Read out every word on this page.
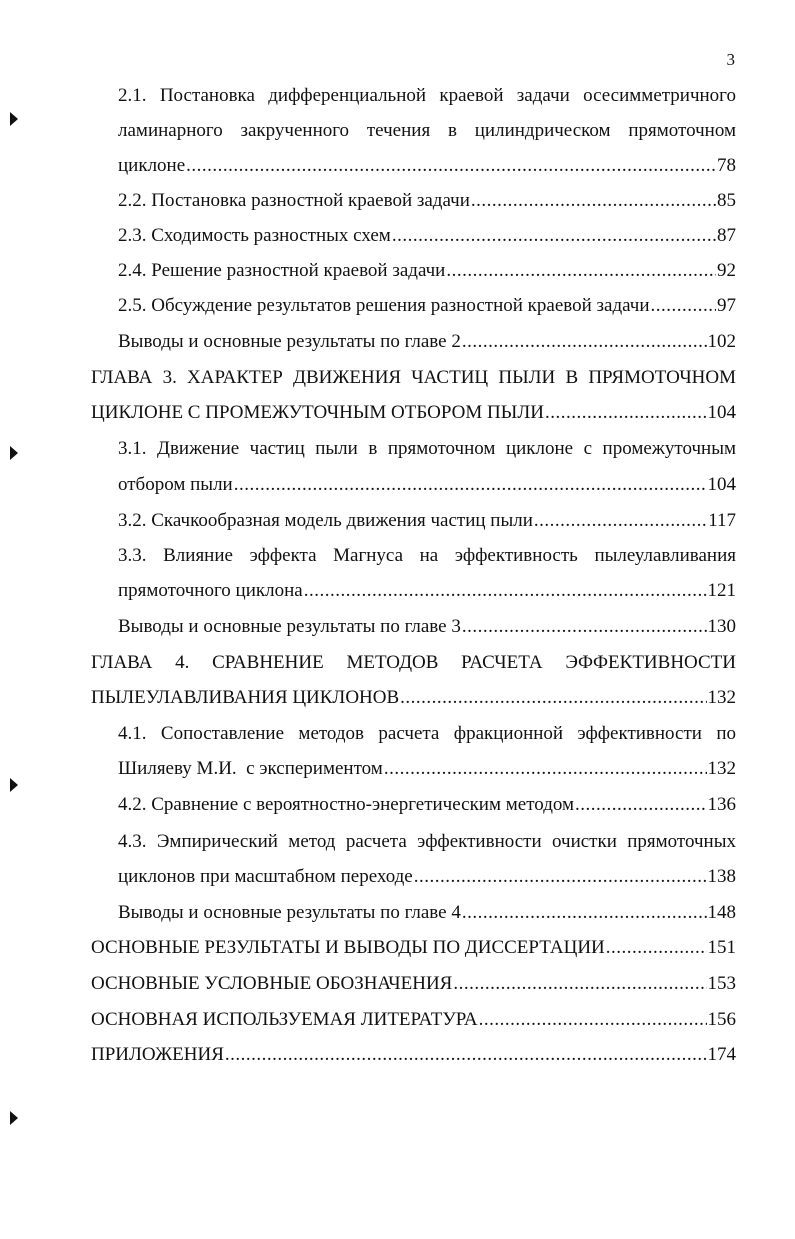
3
2.1. Постановка дифференциальной краевой задачи осесимметричного
ламинарного закрученного течения в цилиндрическом прямоточном
циклоне .....	78
2.2. Постановка разностной краевой задачи .....	85
2.3. Сходимость разностных схем .....	87
2.4. Решение разностной краевой задачи .....	92
2.5. Обсуждение результатов решения разностной краевой задачи .....	97
Выводы и основные результаты по главе 2 .....	102
ГЛАВА 3. ХАРАКТЕР ДВИЖЕНИЯ ЧАСТИЦ ПЫЛИ В ПРЯМОТОЧНОМ
ЦИКЛОНЕ С ПРОМЕЖУТОЧНЫМ ОТБОРОМ ПЫЛИ .....	104
3.1. Движение частиц пыли в прямоточном циклоне с промежуточным
отбором пыли .....	104
3.2. Скачкообразная модель движения частиц пыли .....	117
3.3. Влияние эффекта Магнуса на эффективность пылеулавливания
прямоточного циклона .....	121
Выводы и основные результаты по главе 3 .....	130
ГЛАВА 4. СРАВНЕНИЕ МЕТОДОВ РАСЧЕТА ЭФФЕКТИВНОСТИ
ПЫЛЕУЛАВЛИВАНИЯ ЦИКЛОНОВ .....	132
4.1. Сопоставление методов расчета фракционной эффективности по
Шиляеву М.И.  с экспериментом .....	132
4.2. Сравнение с вероятностно-энергетическим методом .....	136
4.3. Эмпирический метод расчета эффективности очистки прямоточных
циклонов при масштабном переходе .....	138
Выводы и основные результаты по главе 4 .....	148
ОСНОВНЫЕ РЕЗУЛЬТАТЫ И ВЫВОДЫ ПО ДИССЕРТАЦИИ .....	151
ОСНОВНЫЕ УСЛОВНЫЕ ОБОЗНАЧЕНИЯ .....	153
ОСНОВНАЯ ИСПОЛЬЗУЕМАЯ ЛИТЕРАТУРА .....	156
ПРИЛОЖЕНИЯ .....	174
